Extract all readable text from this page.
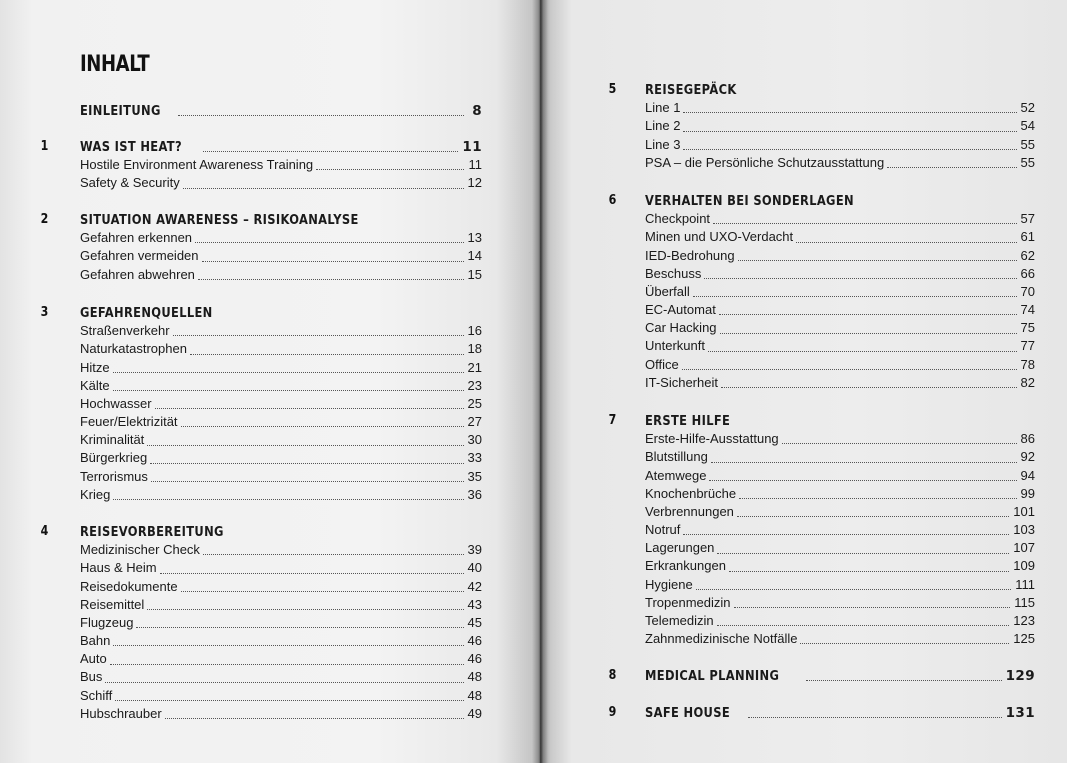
INHALT
EINLEITUNG	8
1 WAS IST HEAT?	11
Hostile Environment Awareness Training	11
Safety & Security	12
2 SITUATION AWARENESS – RISIKOANALYSE
Gefahren erkennen	13
Gefahren vermeiden	14
Gefahren abwehren	15
3 GEFAHRENQUELLEN
Straßenverkehr	16
Naturkatastrophen	18
Hitze	21
Kälte	23
Hochwasser	25
Feuer/Elektrizität	27
Kriminalität	30
Bürgerkrieg	33
Terrorismus	35
Krieg	36
4 REISEVORBEREITUNG
Medizinischer Check	39
Haus & Heim	40
Reisedokumente	42
Reisemittel	43
Flugzeug	45
Bahn	46
Auto	46
Bus	48
Schiff	48
Hubschrauber	49
5 REISEGEPÄCK
Line 1	52
Line 2	54
Line 3	55
PSA – die Persönliche Schutzausstattung	55
6 VERHALTEN BEI SONDERLAGEN
Checkpoint	57
Minen und UXO-Verdacht	61
IED-Bedrohung	62
Beschuss	66
Überfall	70
EC-Automat	74
Car Hacking	75
Unterkunft	77
Office	78
IT-Sicherheit	82
7 ERSTE HILFE
Erste-Hilfe-Ausstattung	86
Blutstillung	92
Atemwege	94
Knochenbrüche	99
Verbrennungen	101
Notruf	103
Lagerungen	107
Erkrankungen	109
Hygiene	111
Tropenmedizin	115
Telemedizin	123
Zahnmedizinische Notfälle	125
8 MEDICAL PLANNING	129
9 SAFE HOUSE	131
